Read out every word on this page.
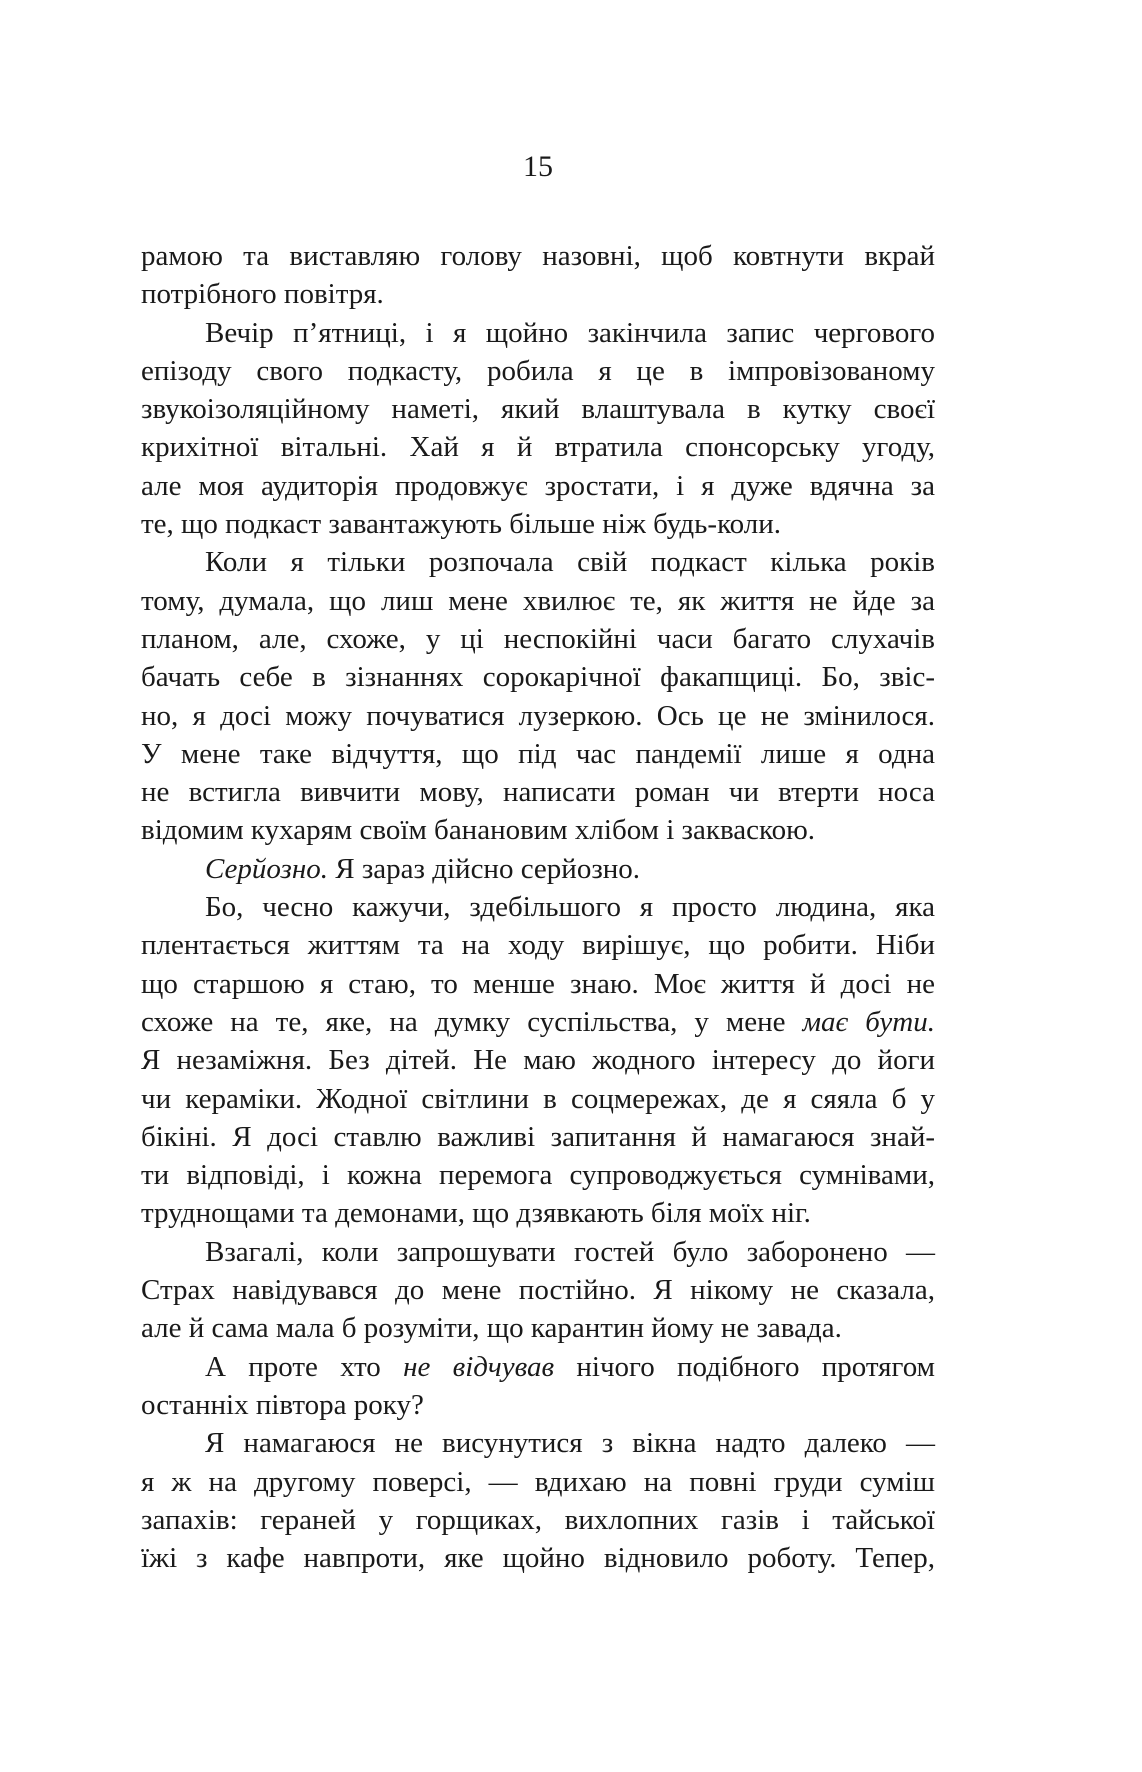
15
рамою та виставляю голову назовні, щоб ковтнути вкрай
потрібного повітря.
Вечір п’ятниці, і я щойно закінчила запис чергового
епізоду свого подкасту, робила я це в імпровізованому
звукоізоляційному наметі, який влаштувала в кутку своєї
крихітної вітальні. Хай я й втратила спонсорську угоду,
але моя аудиторія продовжує зростати, і я дуже вдячна за
те, що подкаст завантажують більше ніж будь-коли.
Коли я тільки розпочала свій подкаст кілька років
тому, думала, що лиш мене хвилює те, як життя не йде за
планом, але, схоже, у ці неспокійні часи багато слухачів
бачать себе в зізнаннях сорокарічної факапщиці. Бо, звіс-
но, я досі можу почуватися лузеркою. Ось це не змінилося.
У мене таке відчуття, що під час пандемії лише я одна
не встигла вивчити мову, написати роман чи втерти носа
відомим кухарям своїм банановим хлібом і закваскою.
Серйозно. Я зараз дійсно серйозно.
Бо, чесно кажучи, здебільшого я просто людина, яка
плентається життям та на ходу вирішує, що робити. Ніби
що старшою я стаю, то менше знаю. Моє життя й досі не
схоже на те, яке, на думку суспільства, у мене має бути.
Я незаміжня. Без дітей. Не маю жодного інтересу до йоги
чи кераміки. Жодної світлини в соцмережах, де я сяяла б у
бікіні. Я досі ставлю важливі запитання й намагаюся знай-
ти відповіді, і кожна перемога супроводжується сумнівами,
труднощами та демонами, що дзявкають біля моїх ніг.
Взагалі, коли запрошувати гостей було заборонено —
Страх навідувався до мене постійно. Я нікому не сказала,
але й сама мала б розуміти, що карантин йому не завада.
А проте хто не відчував нічого подібного протягом
останніх півтора року?
Я намагаюся не висунутися з вікна надто далеко —
я ж на другому поверсі, — вдихаю на повні груди суміш
запахів: гераней у горщиках, вихлопних газів і тайської
їжі з кафе навпроти, яке щойно відновило роботу. Тепер,
